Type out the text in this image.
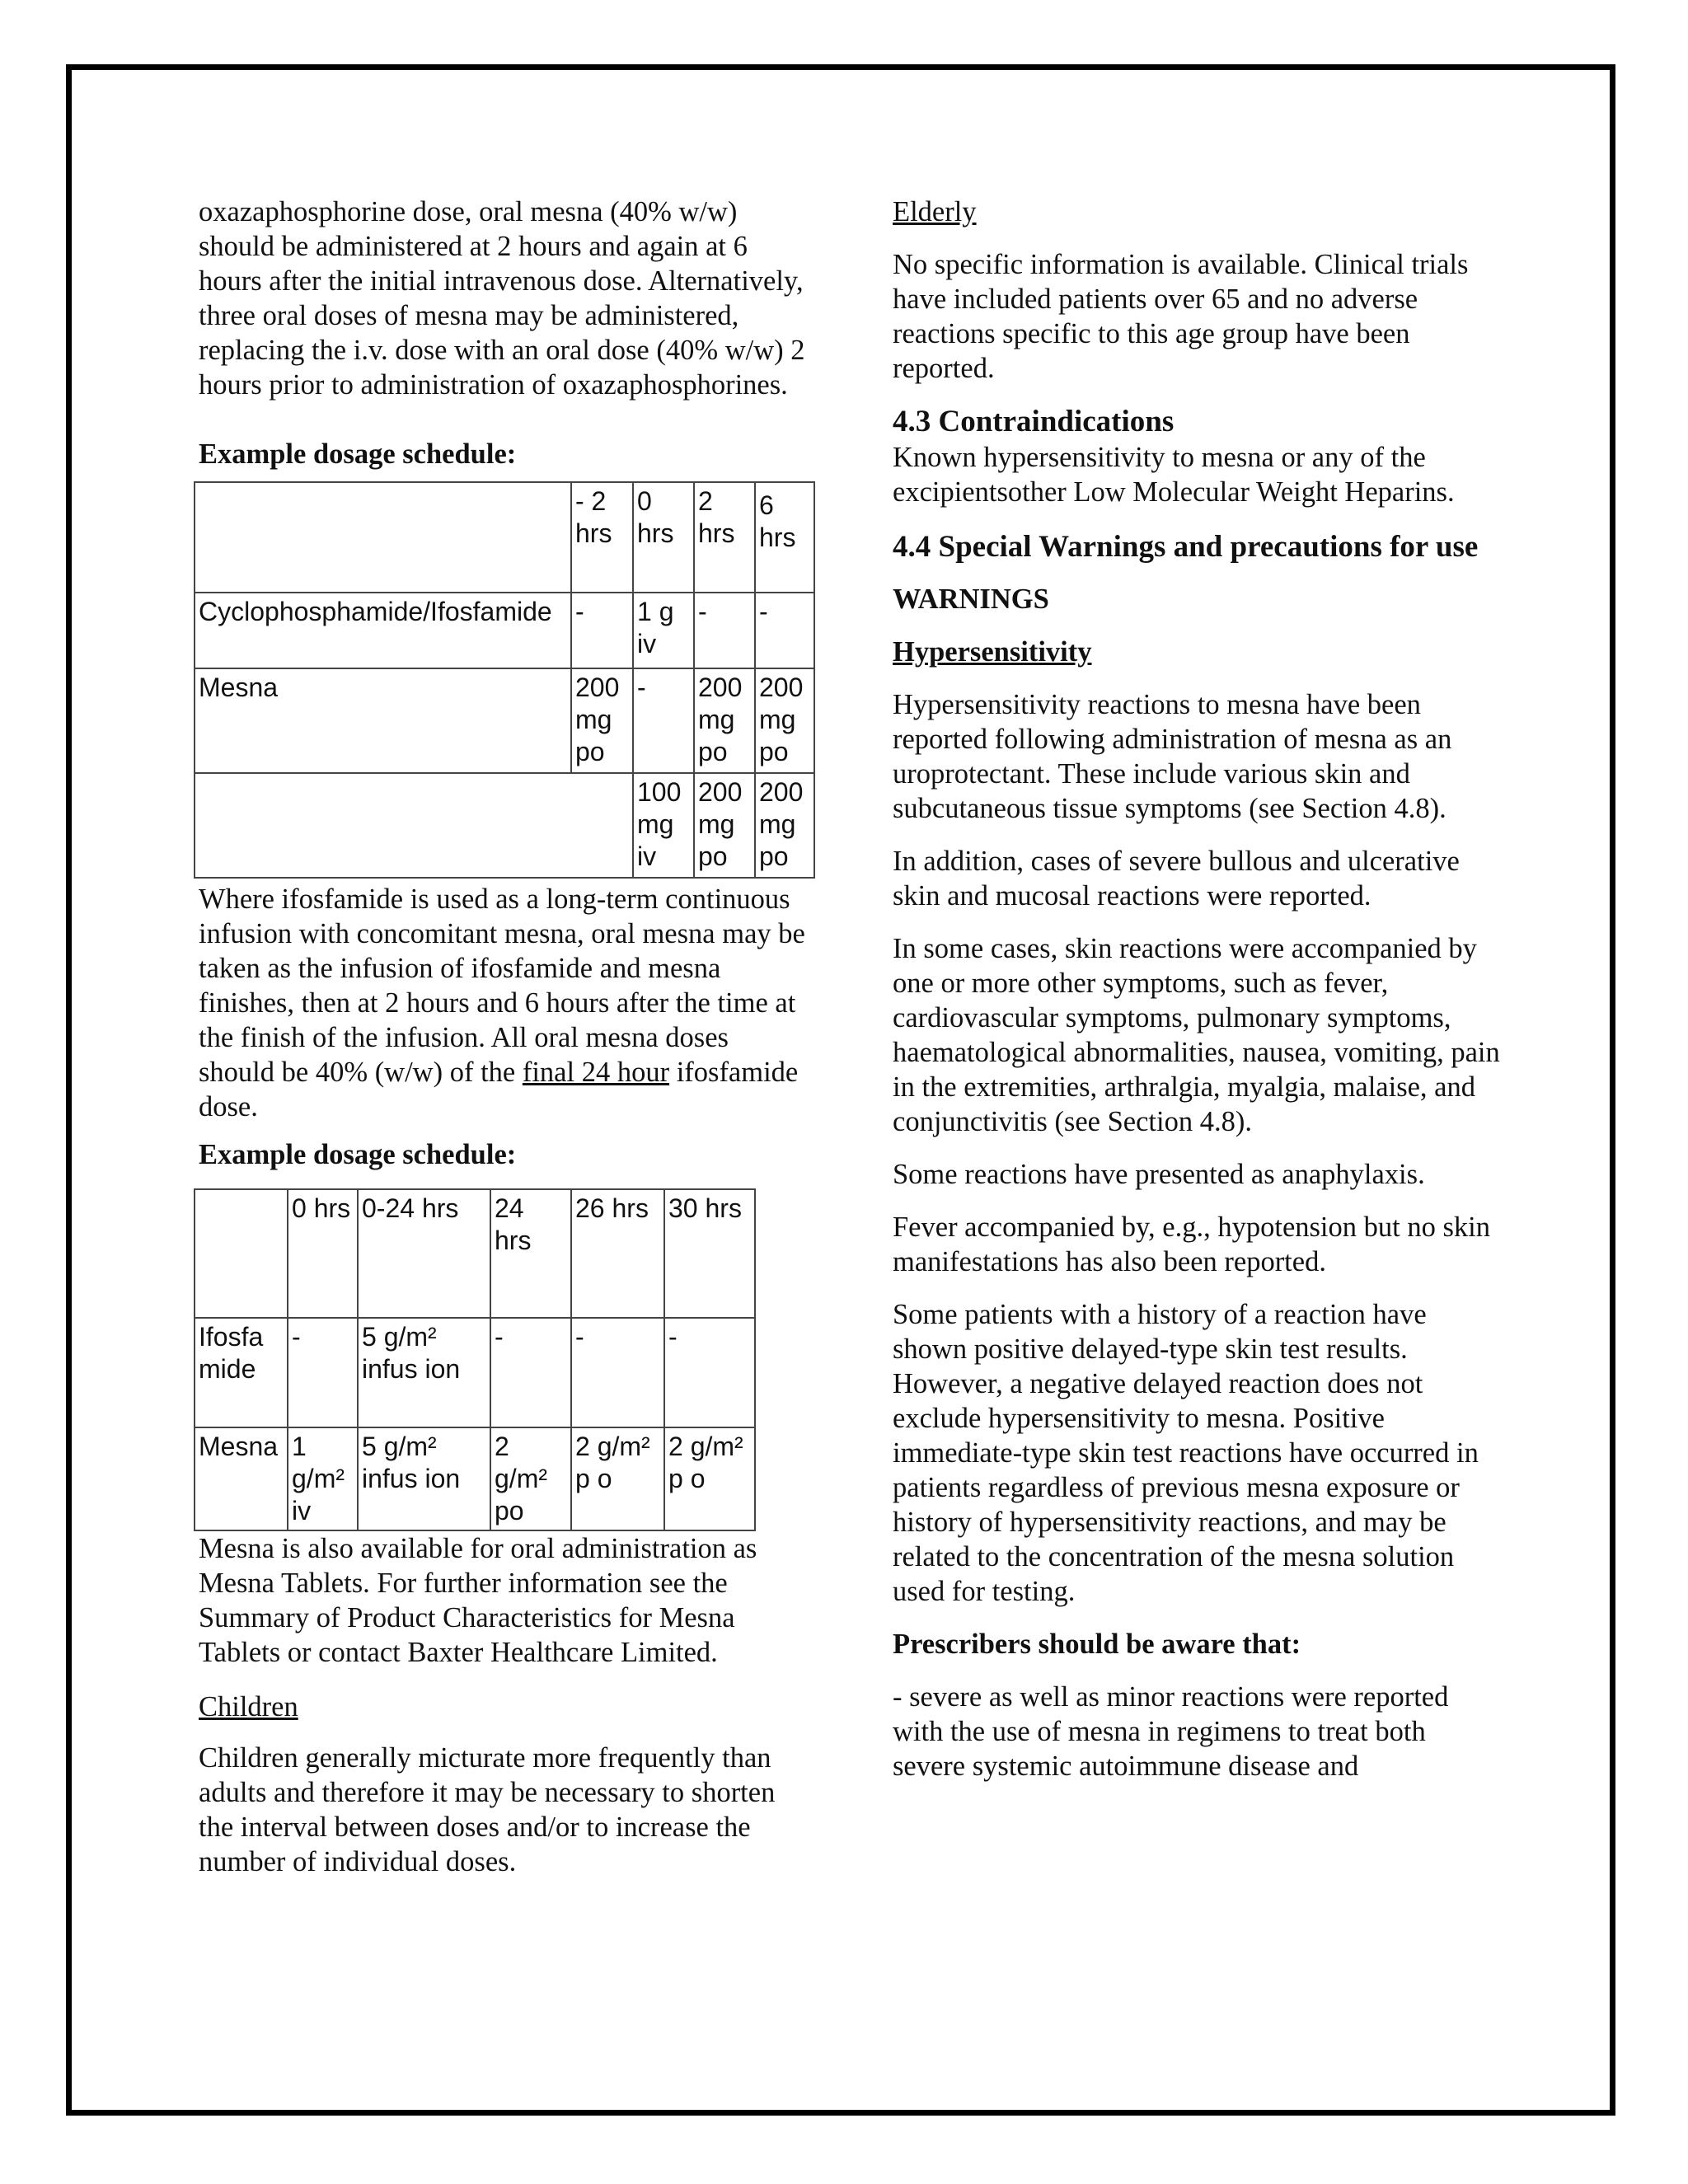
oxazaphosphorine dose, oral mesna (40% w/w) should be administered at 2 hours and again at 6 hours after the initial intravenous dose. Alternatively, three oral doses of mesna may be administered, replacing the i.v. dose with an oral dose (40% w/w) 2 hours prior to administration of oxazaphosphorines.

Example dosage schedule:

	- 2 hrs	0 hrs	2 hrs	6 hrs
Cyclophosphamide/Ifosfamide	-	1 g iv	-	-
Mesna	200 mg po	-	200 mg po	200 mg po
		100 mg iv	200 mg po	200 mg po

Where ifosfamide is used as a long-term continuous infusion with concomitant mesna, oral mesna may be taken as the infusion of ifosfamide and mesna finishes, then at 2 hours and 6 hours after the time at the finish of the infusion. All oral mesna doses should be 40% (w/w) of the final 24 hour ifosfamide dose.

Example dosage schedule:

	0 hrs	0-24 hrs	24 hrs	26 hrs	30 hrs
Ifosfa mide	-	5 g/m² infus ion	-	-	-
Mesna	1 g/m² iv	5 g/m² infus ion	2 g/m² po	2 g/m² p o	2 g/m² p o

Mesna is also available for oral administration as Mesna Tablets. For further information see the Summary of Product Characteristics for Mesna Tablets or contact Baxter Healthcare Limited.

Children

Children generally micturate more frequently than adults and therefore it may be necessary to shorten the interval between doses and/or to increase the number of individual doses.

Elderly

No specific information is available. Clinical trials have included patients over 65 and no adverse reactions specific to this age group have been reported.

4.3 Contraindications

Known hypersensitivity to mesna or any of the excipientsother Low Molecular Weight Heparins.

4.4 Special Warnings and precautions for use

WARNINGS

Hypersensitivity

Hypersensitivity reactions to mesna have been reported following administration of mesna as an uroprotectant. These include various skin and subcutaneous tissue symptoms (see Section 4.8).

In addition, cases of severe bullous and ulcerative skin and mucosal reactions were reported.

In some cases, skin reactions were accompanied by one or more other symptoms, such as fever, cardiovascular symptoms, pulmonary symptoms, haematological abnormalities, nausea, vomiting, pain in the extremities, arthralgia, myalgia, malaise, and conjunctivitis (see Section 4.8).

Some reactions have presented as anaphylaxis.

Fever accompanied by, e.g., hypotension but no skin manifestations has also been reported.

Some patients with a history of a reaction have shown positive delayed-type skin test results. However, a negative delayed reaction does not exclude hypersensitivity to mesna. Positive immediate-type skin test reactions have occurred in patients regardless of previous mesna exposure or history of hypersensitivity reactions, and may be related to the concentration of the mesna solution used for testing.

Prescribers should be aware that:

- severe as well as minor reactions were reported with the use of mesna in regimens to treat both severe systemic autoimmune disease and
